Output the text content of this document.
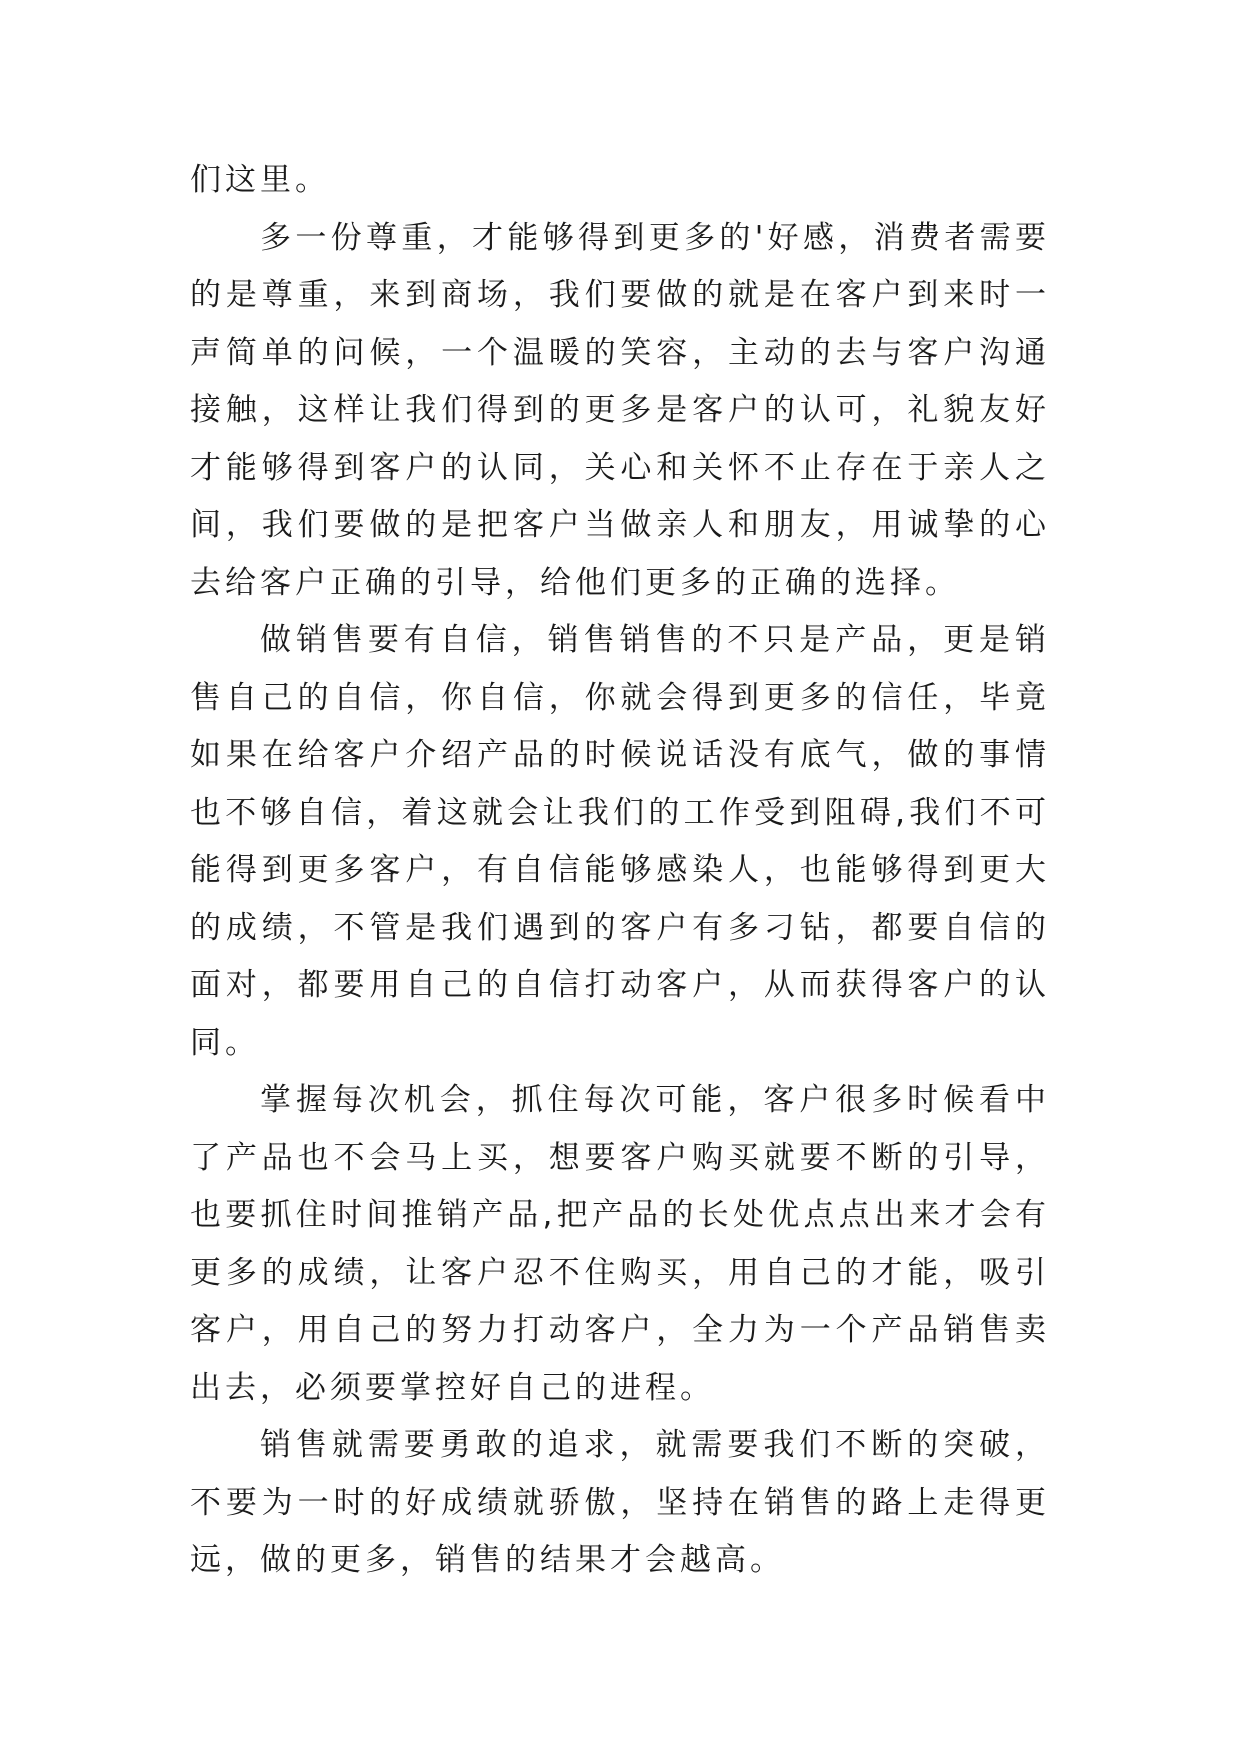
们这里。

多一份尊重，才能够得到更多的'好感，消费者需要的是尊重，来到商场，我们要做的就是在客户到来时一声简单的问候，一个温暖的笑容，主动的去与客户沟通接触，这样让我们得到的更多是客户的认可，礼貌友好才能够得到客户的认同，关心和关怀不止存在于亲人之间，我们要做的是把客户当做亲人和朋友，用诚挚的心去给客户正确的引导，给他们更多的正确的选择。

做销售要有自信，销售销售的不只是产品，更是销售自己的自信，你自信，你就会得到更多的信任，毕竟如果在给客户介绍产品的时候说话没有底气，做的事情也不够自信，着这就会让我们的工作受到阻碍,我们不可能得到更多客户，有自信能够感染人，也能够得到更大的成绩，不管是我们遇到的客户有多刁钻，都要自信的面对，都要用自己的自信打动客户，从而获得客户的认同。

掌握每次机会，抓住每次可能，客户很多时候看中了产品也不会马上买，想要客户购买就要不断的引导，也要抓住时间推销产品,把产品的长处优点点出来才会有更多的成绩，让客户忍不住购买，用自己的才能，吸引客户，用自己的努力打动客户，全力为一个产品销售卖出去，必须要掌控好自己的进程。

销售就需要勇敢的追求，就需要我们不断的突破，不要为一时的好成绩就骄傲，坚持在销售的路上走得更远，做的更多，销售的结果才会越高。
